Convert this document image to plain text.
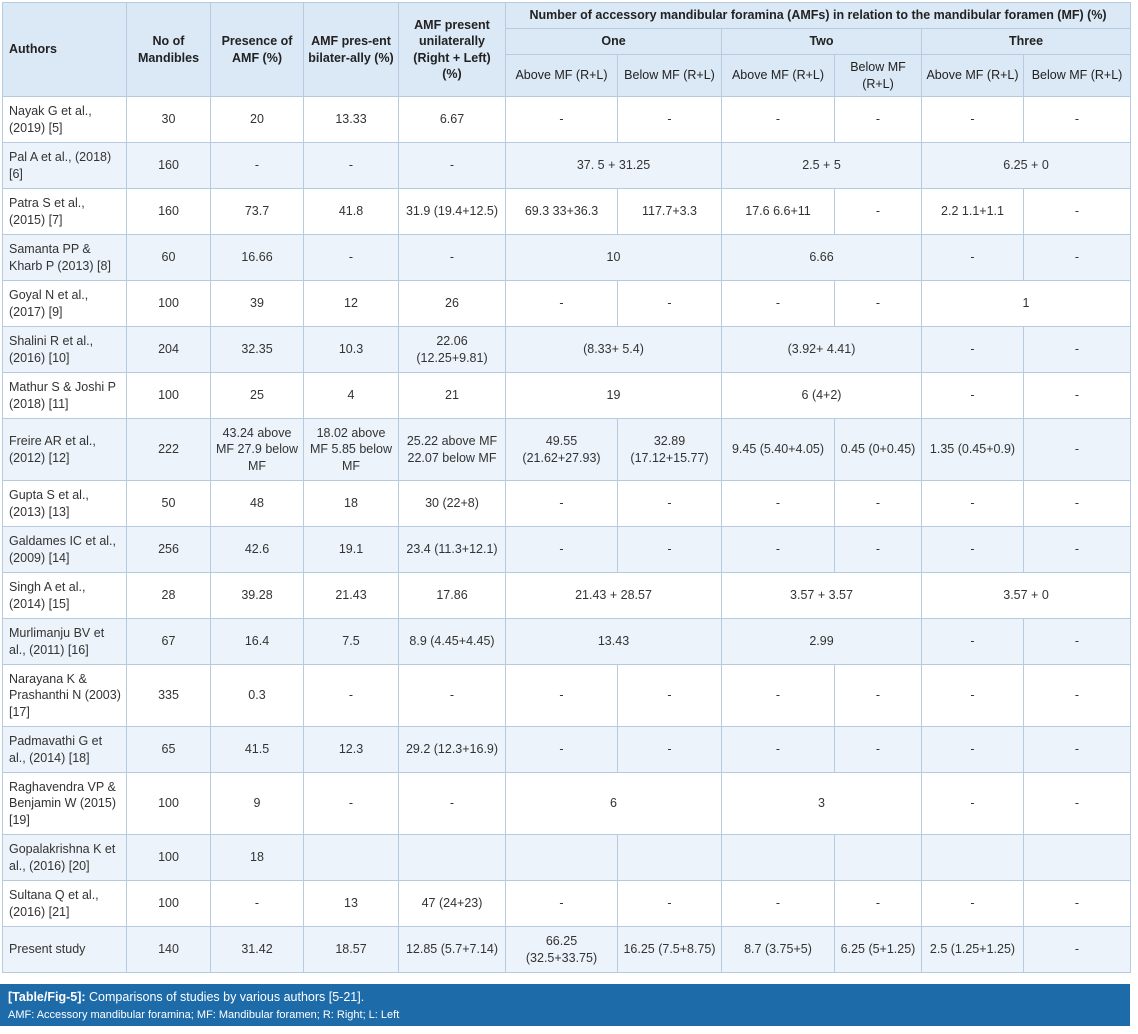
Authors	No of Mandibles	Presence of AMF (%)	AMF pres-ent bilater-ally (%)	AMF present unilaterally (Right + Left) (%)	Number of accessory mandibular foramina (AMFs) in relation to the mandibular foramen (MF) (%)					
					One		Two		Three	
					Above MF (R+L)	Below MF (R+L)	Above MF (R+L)	Below MF (R+L)	Above MF (R+L)	Below MF (R+L)
Nayak G et al., (2019) [5]	30	20	13.33	6.67	-	-	-	-	-	-
Pal A et al., (2018) [6]	160	-	-	-	37. 5 + 31.25		2.5 + 5		6.25 + 0	
Patra S et al., (2015) [7]	160	73.7	41.8	31.9 (19.4+12.5)	69.3 33+36.3	117.7+3.3	17.6 6.6+11	-	2.2 1.1+1.1	-
Samanta PP & Kharb P (2013) [8]	60	16.66	-	-	10		6.66		-	-
Goyal N et al., (2017) [9]	100	39	12	26	-	-	-	-	1	
Shalini R et al., (2016) [10]	204	32.35	10.3	22.06 (12.25+9.81)	(8.33+ 5.4)		(3.92+ 4.41)		-	-
Mathur S & Joshi P (2018) [11]	100	25	4	21	19		6 (4+2)		-	-
Freire AR et al., (2012) [12]	222	43.24 above MF 27.9 below MF	18.02 above MF 5.85 below MF	25.22 above MF 22.07 below MF	49.55 (21.62+27.93)	32.89 (17.12+15.77)	9.45 (5.40+4.05)	0.45 (0+0.45)	1.35 (0.45+0.9)	-
Gupta S et al., (2013) [13]	50	48	18	30 (22+8)	-	-	-	-	-	-
Galdames IC et al., (2009) [14]	256	42.6	19.1	23.4 (11.3+12.1)	-	-	-	-	-	-
Singh A et al., (2014) [15]	28	39.28	21.43	17.86	21.43 + 28.57		3.57 + 3.57		3.57 + 0	
Murlimanju BV et al., (2011) [16]	67	16.4	7.5	8.9 (4.45+4.45)	13.43		2.99		-	-
Narayana K & Prashanthi N (2003) [17]	335	0.3	-	-	-	-	-	-	-	-
Padmavathi G et al., (2014) [18]	65	41.5	12.3	29.2 (12.3+16.9)	-	-	-	-	-	-
Raghavendra VP & Benjamin W (2015) [19]	100	9	-	-	6		3		-	-
Gopalakrishna K et al., (2016) [20]	100	18								
Sultana Q et al., (2016) [21]	100	-	13	47 (24+23)	-	-	-	-	-	-
Present study	140	31.42	18.57	12.85 (5.7+7.14)	66.25 (32.5+33.75)	16.25 (7.5+8.75)	8.7 (3.75+5)	6.25 (5+1.25)	2.5 (1.25+1.25)	-
[Table/Fig-5]: Comparisons of studies by various authors [5-21].
AMF: Accessory mandibular foramina; MF: Mandibular foramen; R: Right; L: Left
